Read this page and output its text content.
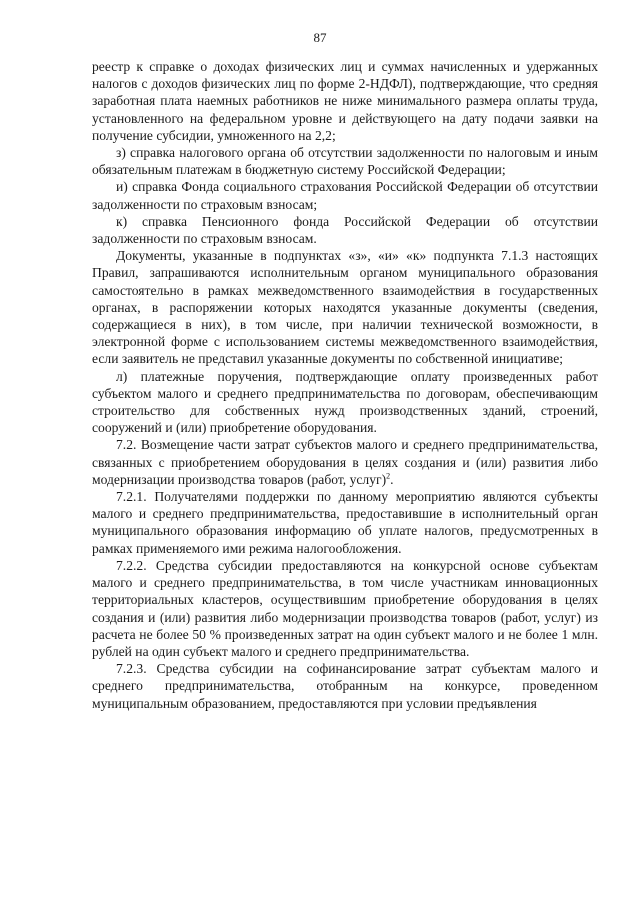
87

реестр к справке о доходах физических лиц и суммах начисленных и удержанных налогов с доходов физических лиц по форме 2-НДФЛ), подтверждающие, что средняя заработная плата наемных работников не ниже минимального размера оплаты труда, установленного на федеральном уровне и действующего на дату подачи заявки на получение субсидии, умноженного на 2,2;

з) справка налогового органа об отсутствии задолженности по налоговым и иным обязательным платежам в бюджетную систему Российской Федерации;

и) справка Фонда социального страхования Российской Федерации об отсутствии задолженности по страховым взносам;

к) справка Пенсионного фонда Российской Федерации об отсутствии задолженности по страховым взносам.

Документы, указанные в подпунктах «з», «и» «к» подпункта 7.1.3 настоящих Правил, запрашиваются исполнительным органом муниципального образования самостоятельно в рамках межведомственного взаимодействия в государственных органах, в распоряжении которых находятся указанные документы (сведения, содержащиеся в них), в том числе, при наличии технической возможности, в электронной форме с использованием системы межведомственного взаимодействия, если заявитель не представил указанные документы по собственной инициативе;

л) платежные поручения, подтверждающие оплату произведенных работ субъектом малого и среднего предпринимательства по договорам, обеспечивающим строительство для собственных нужд производственных зданий, строений, сооружений и (или) приобретение оборудования.

7.2. Возмещение части затрат субъектов малого и среднего предпринимательства, связанных с приобретением оборудования в целях создания и (или) развития либо модернизации производства товаров (работ, услуг)$^2$.

7.2.1. Получателями поддержки по данному мероприятию являются субъекты малого и среднего предпринимательства, предоставившие в исполнительный орган муниципального образования информацию об уплате налогов, предусмотренных в рамках применяемого ими режима налогообложения.

7.2.2. Средства субсидии предоставляются на конкурсной основе субъектам малого и среднего предпринимательства, в том числе участникам инновационных территориальных кластеров, осуществившим приобретение оборудования в целях создания и (или) развития либо модернизации производства товаров (работ, услуг) из расчета не более 50 % произведенных затрат на один субъект малого и не более 1 млн. рублей на один субъект малого и среднего предпринимательства.

7.2.3. Средства субсидии на софинансирование затрат субъектам малого и среднего предпринимательства, отобранным на конкурсе, проведенном муниципальным образованием, предоставляются при условии предъявления
